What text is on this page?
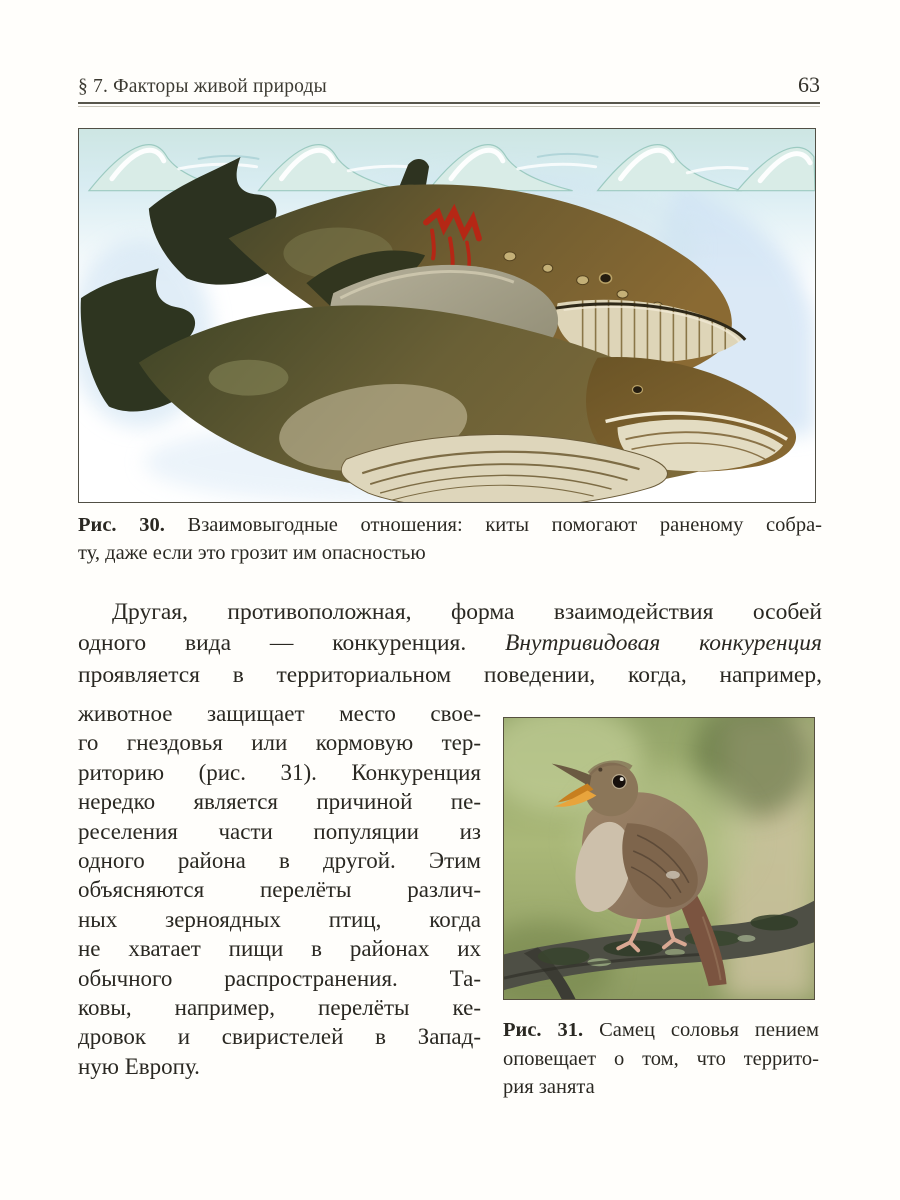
§ 7. Факторы живой природы	63

Рис. 30. Взаимовыгодные отношения: киты помогают раненому собра-
ту, даже если это грозит им опасностью

Другая, противоположная, форма взаимодействия особей
одного вида — конкуренция. Внутривидовая конкуренция
проявляется в территориальном поведении, когда, например,
животное защищает место свое-
го гнездовья или кормовую тер-
риторию (рис. 31). Конкуренция
нередко является причиной пе-
реселения части популяции из
одного района в другой. Этим
объясняются перелёты различ-
ных зерноядных птиц, когда
не хватает пищи в районах их
обычного распространения. Та-
ковы, например, перелёты ке-
дровок и свиристелей в Запад-
ную Европу.

Рис. 31. Самец соловья пением
оповещает о том, что террито-
рия занята
